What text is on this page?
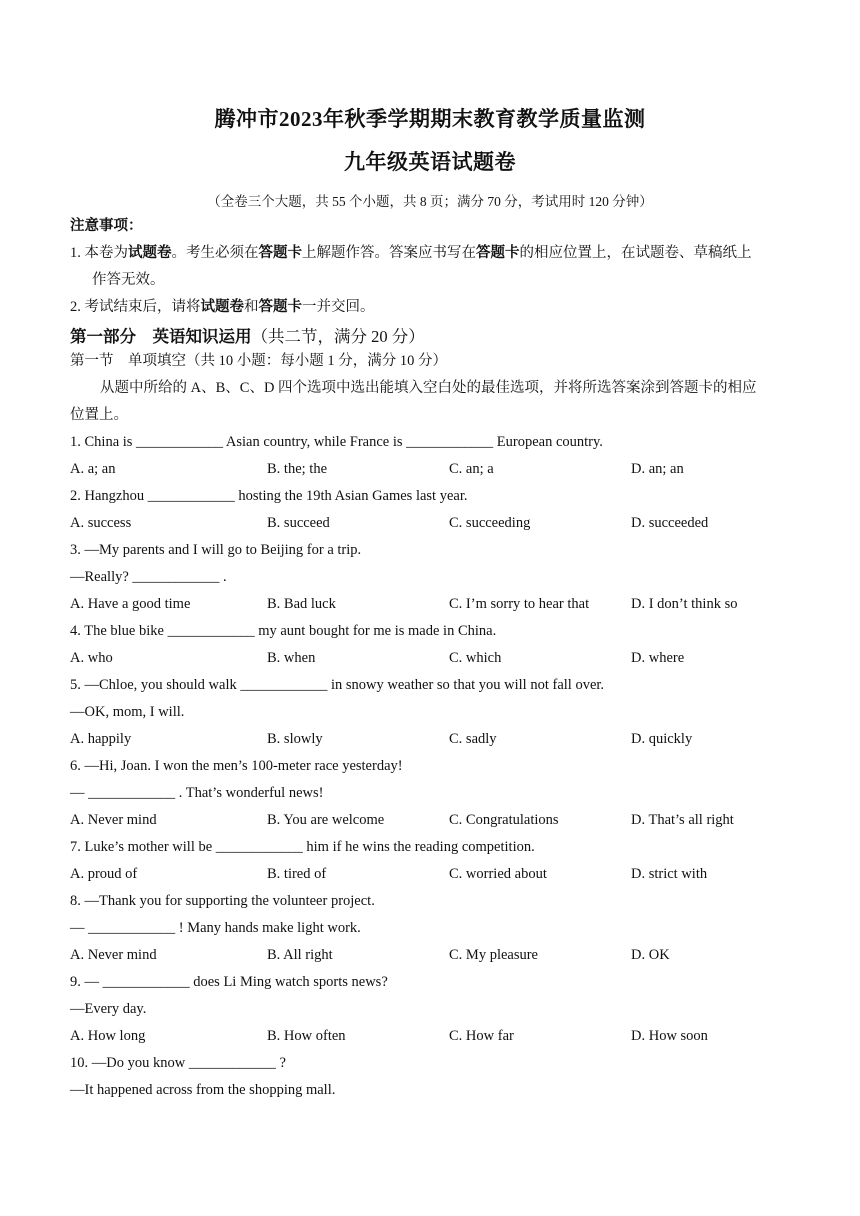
腾冲市2023年秋季学期期末教育教学质量监测
九年级英语试题卷
（全卷三个大题，共 55 个小题，共 8 页；满分 70 分，考试用时 120 分钟）
注意事项：
1. 本卷为试题卷。考生必须在答题卡上解题作答。答案应书写在答题卡的相应位置上，在试题卷、草稿纸上
作答无效。
2. 考试结束后，请将试题卷和答题卡一并交回。
第一部分　英语知识运用（共二节，满分 20 分）
第一节　单项填空（共 10 小题：每小题 1 分，满分 10 分）
从题中所给的 A、B、C、D 四个选项中选出能填入空白处的最佳选项，并将所选答案涂到答题卡的相应
位置上。
1. China is ____________ Asian country, while France is ____________ European country.
A. a; an	B. the; the	C. an; a	D. an; an
2. Hangzhou ____________ hosting the 19th Asian Games last year.
A. success	B. succeed	C. succeeding	D. succeeded
3. —My parents and I will go to Beijing for a trip.
—Really? ____________ .
A. Have a good time	B. Bad luck	C. I’m sorry to hear that	D. I don’t think so
4. The blue bike ____________ my aunt bought for me is made in China.
A. who	B. when	C. which	D. where
5. —Chloe, you should walk ____________ in snowy weather so that you will not fall over.
—OK, mom, I will.
A. happily	B. slowly	C. sadly	D. quickly
6. —Hi, Joan. I won the men’s 100-meter race yesterday!
— ____________ . That’s wonderful news!
A. Never mind	B. You are welcome	C. Congratulations	D. That’s all right
7. Luke’s mother will be ____________ him if he wins the reading competition.
A. proud of	B. tired of	C. worried about	D. strict with
8. —Thank you for supporting the volunteer project.
— ____________ ! Many hands make light work.
A. Never mind	B. All right	C. My pleasure	D. OK
9. — ____________ does Li Ming watch sports news?
—Every day.
A. How long	B. How often	C. How far	D. How soon
10. —Do you know ____________ ?
—It happened across from the shopping mall.
